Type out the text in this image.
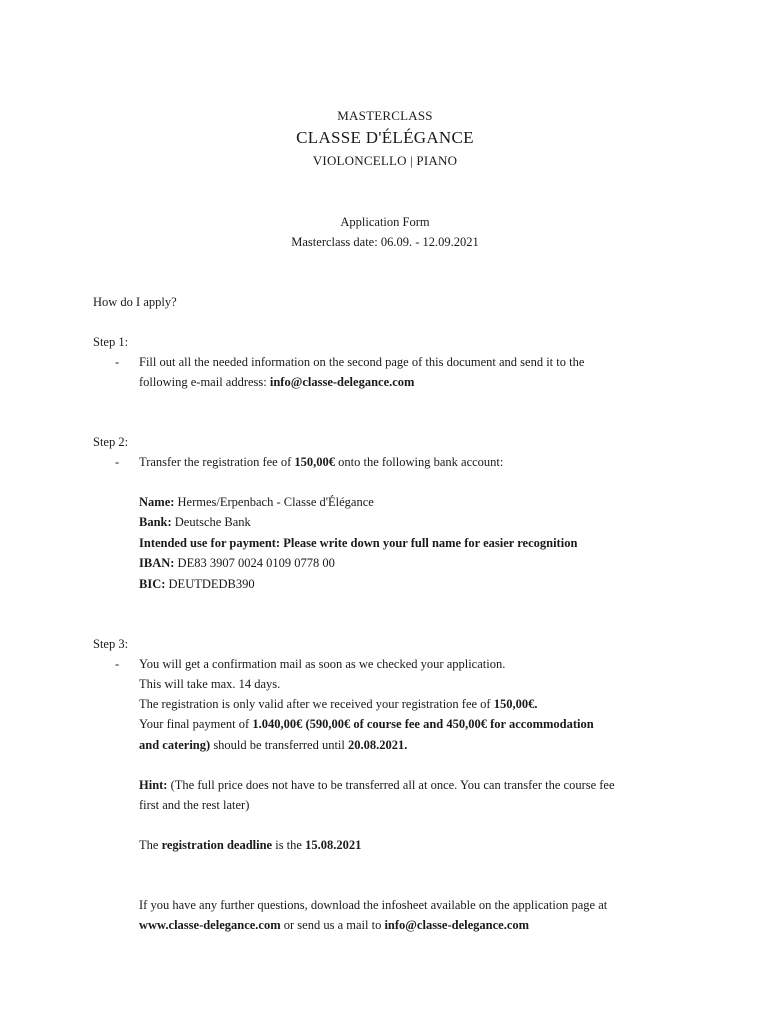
MASTERCLASS
CLASSE D'ÉLÉGANCE
VIOLONCELLO | PIANO
Application Form
Masterclass date: 06.09. - 12.09.2021
How do I apply?
Step 1:
- Fill out all the needed information on the second page of this document and send it to the
following e-mail address: info@classe-delegance.com
Step 2:
- Transfer the registration fee of 150,00€ onto the following bank account:
Name: Hermes/Erpenbach - Classe d'Élégance
Bank: Deutsche Bank
Intended use for payment: Please write down your full name for easier recognition
IBAN: DE83 3907 0024 0109 0778 00
BIC: DEUTDEDB390
Step 3:
- You will get a confirmation mail as soon as we checked your application.
This will take max. 14 days.
The registration is only valid after we received your registration fee of 150,00€.
Your final payment of 1.040,00€ (590,00€ of course fee and 450,00€ for accommodation
and catering) should be transferred until 20.08.2021.
Hint: (The full price does not have to be transferred all at once. You can transfer the course fee
first and the rest later)
The registration deadline is the 15.08.2021
If you have any further questions, download the infosheet available on the application page at
www.classe-delegance.com or send us a mail to info@classe-delegance.com
